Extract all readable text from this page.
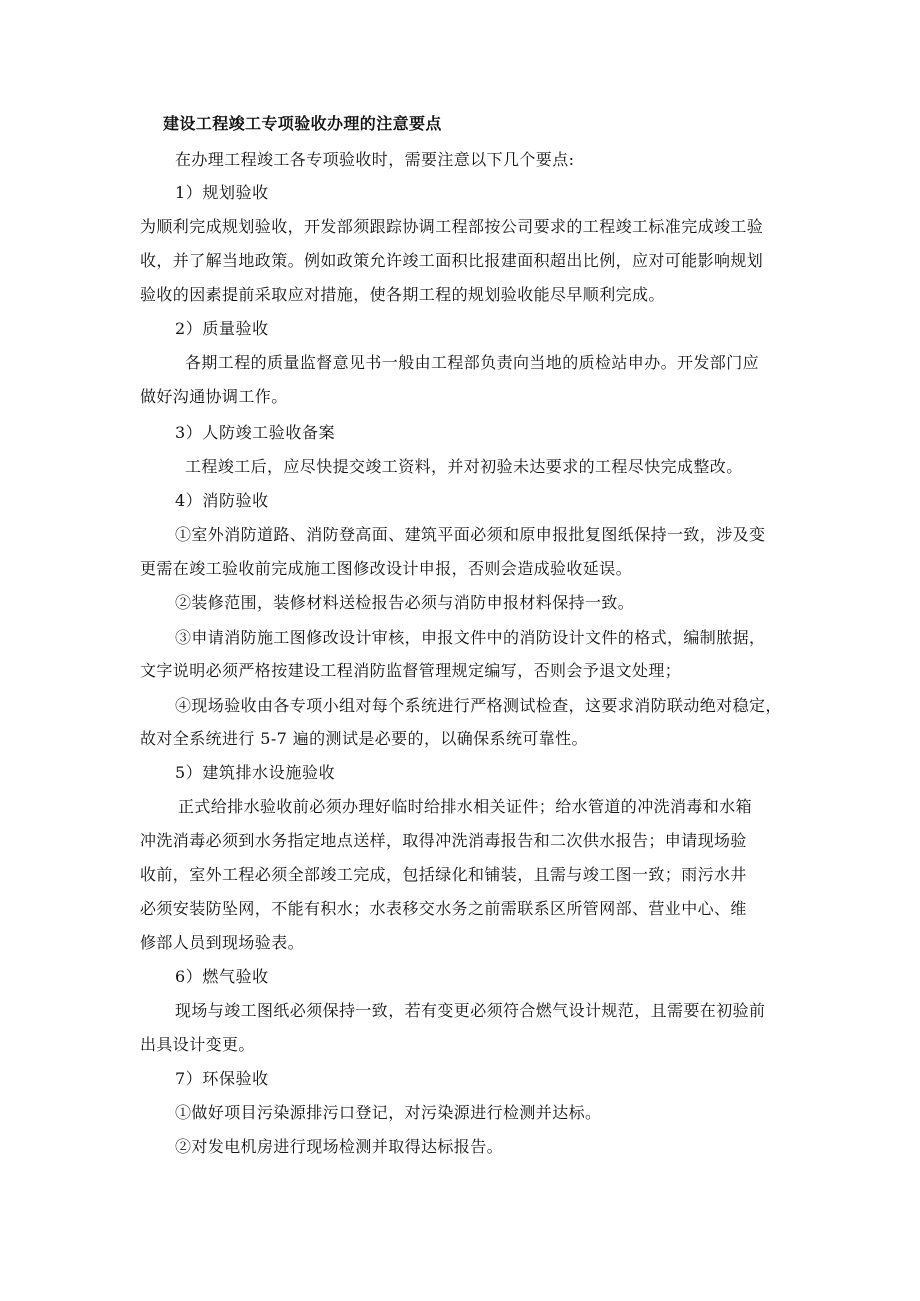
建设工程竣工专项验收办理的注意要点

在办理工程竣工各专项验收时，需要注意以下几个要点:

1）规划验收

为顺利完成规划验收，开发部须跟踪协调工程部按公司要求的工程竣工标准完成竣工验

收，并了解当地政策。例如政策允许竣工面积比报建面积超出比例，应对可能影响规划

验收的因素提前采取应对措施，使各期工程的规划验收能尽早顺利完成。

2）质量验收

各期工程的质量监督意见书一般由工程部负责向当地的质检站申办。开发部门应

做好沟通协调工作。

3）人防竣工验收备案

工程竣工后，应尽快提交竣工资料，并对初验未达要求的工程尽快完成整改。

4）消防验收

①室外消防道路、消防登高面、建筑平面必须和原申报批复图纸保持一致，涉及变

更需在竣工验收前完成施工图修改设计申报，否则会造成验收延误。

②装修范围，装修材料送检报告必须与消防申报材料保持一致。

③申请消防施工图修改设计审核，申报文件中的消防设计文件的格式，编制脓据，

文字说明必须严格按建设工程消防监督管理规定编写，否则会予退文处理；

④现场验收由各专项小组对每个系统进行严格测试检查，这要求消防联动绝对稳定，

故对全系统进行 5-7 遍的测试是必要的，以确保系统可靠性。

5）建筑排水设施验收

正式给排水验收前必须办理好临时给排水相关证件；给水管道的冲洗消毒和水箱

冲洗消毒必须到水务指定地点送样，取得冲洗消毒报告和二次供水报告；申请现场验

收前，室外工程必须全部竣工完成，包括绿化和铺装，且需与竣工图一致；雨污水井

必须安装防坠网，不能有积水；水表移交水务之前需联系区所管网部、营业中心、维

修部人员到现场验表。

6）燃气验收

现场与竣工图纸必须保持一致，若有变更必须符合燃气设计规范，且需要在初验前

出具设计变更。

7）环保验收

①做好项目污染源排污口登记，对污染源进行检测并达标。

②对发电机房进行现场检测并取得达标报告。
